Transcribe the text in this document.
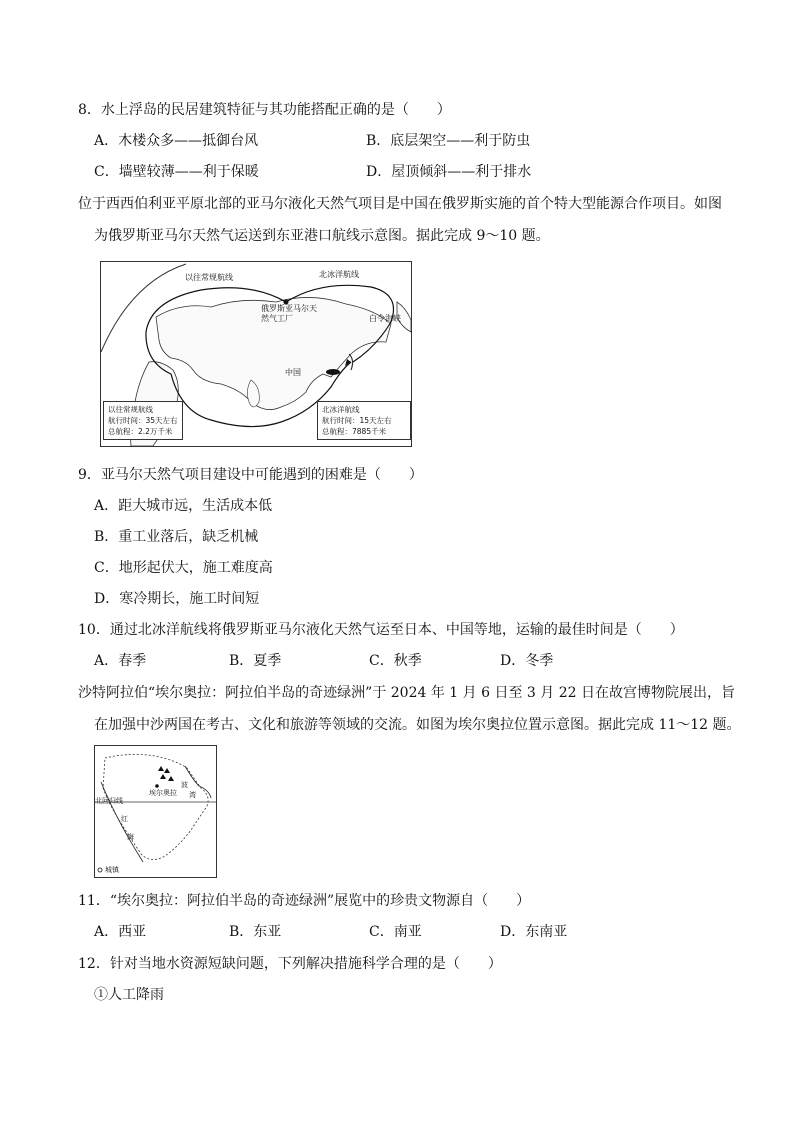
8．水上浮岛的民居建筑特征与其功能搭配正确的是（　　）
A．木楼众多——抵御台风	B．底层架空——利于防虫
C．墙壁较薄——利于保暖	D．屋顶倾斜——利于排水
位于西西伯利亚平原北部的亚马尔液化天然气项目是中国在俄罗斯实施的首个特大型能源合作项目。如图
为俄罗斯亚马尔天然气运送到东亚港口航线示意图。据此完成 9～10 题。
以往常规航线	北冰洋航线
俄罗斯亚马尔天
然气工厂	白令海峡
中国
以往常规航线
航行时间：35天左右
总航程：2.2万千米
北冰洋航线
航行时间：15天左右
总航程：7885千米
9．亚马尔天然气项目建设中可能遇到的困难是（　　）
A．距大城市远，生活成本低
B．重工业落后，缺乏机械
C．地形起伏大，施工难度高
D．寒冷期长，施工时间短
10．通过北冰洋航线将俄罗斯亚马尔液化天然气运至日本、中国等地，运输的最佳时间是（　　）
A．春季	B．夏季	C．秋季	D．冬季
沙特阿拉伯“埃尔奥拉：阿拉伯半岛的奇迹绿洲”于 2024 年 1 月 6 日至 3 月 22 日在故宫博物院展出，旨
在加强中沙两国在考古、文化和旅游等领域的交流。如图为埃尔奥拉位置示意图。据此完成 11～12 题。
埃尔奥拉
北回归线
红
海
波
湾
城镇
11．“埃尔奥拉：阿拉伯半岛的奇迹绿洲”展览中的珍贵文物源自（　　）
A．西亚	B．东亚	C．南亚	D．东南亚
12．针对当地水资源短缺问题，下列解决措施科学合理的是（　　）
①人工降雨
